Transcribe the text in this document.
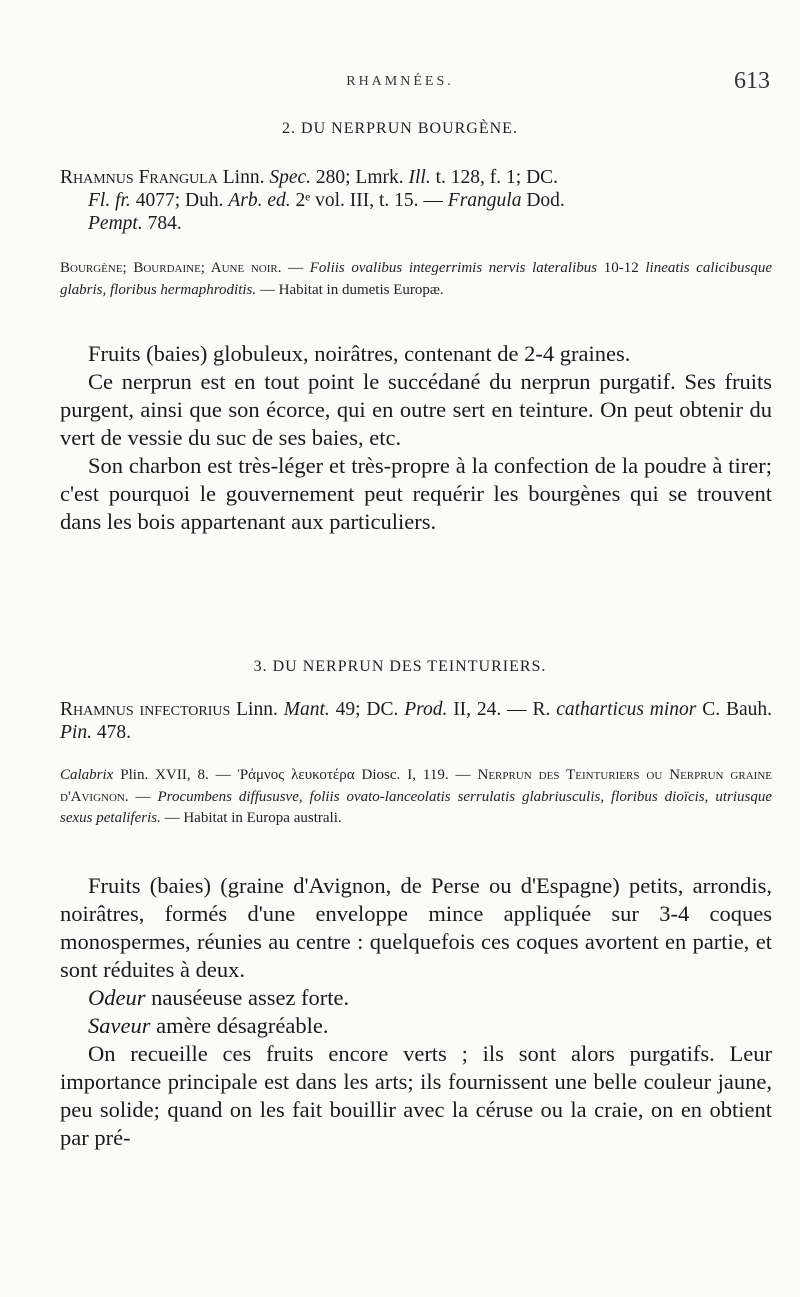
RHAMNÉES.	613
2. DU NERPRUN BOURGÈNE.
Rhamnus Frangula Linn. Spec. 280; Lmrk. Ill. t. 128, f. 1; DC.
Fl. fr. 4077; Duh. Arb. ed. 2ᵉ vol. III, t. 15. — Frangula Dod.
Pempt. 784.
Bourgène; Bourdaine; Aune noir. — Foliis ovalibus integerrimis nervis lateralibus 10-12 lineatis calicibusque glabris, floribus hermaphroditis. — Habitat in dumetis Europæ.

Fruits (baies) globuleux, noirâtres, contenant de 2-4 graines.

Ce nerprun est en tout point le succédané du nerprun purgatif. Ses fruits purgent, ainsi que son écorce, qui en outre sert en teinture. On peut obtenir du vert de vessie du suc de ses baies, etc.

Son charbon est très-léger et très-propre à la confection de la poudre à tirer; c'est pourquoi le gouvernement peut requérir les bourgènes qui se trouvent dans les bois appartenant aux particuliers.

3. DU NERPRUN DES TEINTURIERS.
Rhamnus infectorius Linn. Mant. 49; DC. Prod. II, 24. — R. catharticus minor C. Bauh. Pin. 478.
Calabrix Plin. XVII, 8. — Ῥάμνος λευκοτέρα Diosc. I, 119. — Nerprun des Teinturiers ou Nerprun graine d'Avignon. — Procumbens diffususve, foliis ovato-lanceolatis serrulatis glabriusculis, floribus dioïcis, utriusque sexus petaliferis. — Habitat in Europa australi.

Fruits (baies) (graine d'Avignon, de Perse ou d'Espagne) petits, arrondis, noirâtres, formés d'une enveloppe mince appliquée sur 3-4 coques monospermes, réunies au centre : quelquefois ces coques avortent en partie, et sont réduites à deux.

Odeur nauséeuse assez forte.

Saveur amère désagréable.

On recueille ces fruits encore verts ; ils sont alors purgatifs. Leur importance principale est dans les arts; ils fournissent une belle couleur jaune, peu solide; quand on les fait bouillir avec la céruse ou la craie, on en obtient par pré-
